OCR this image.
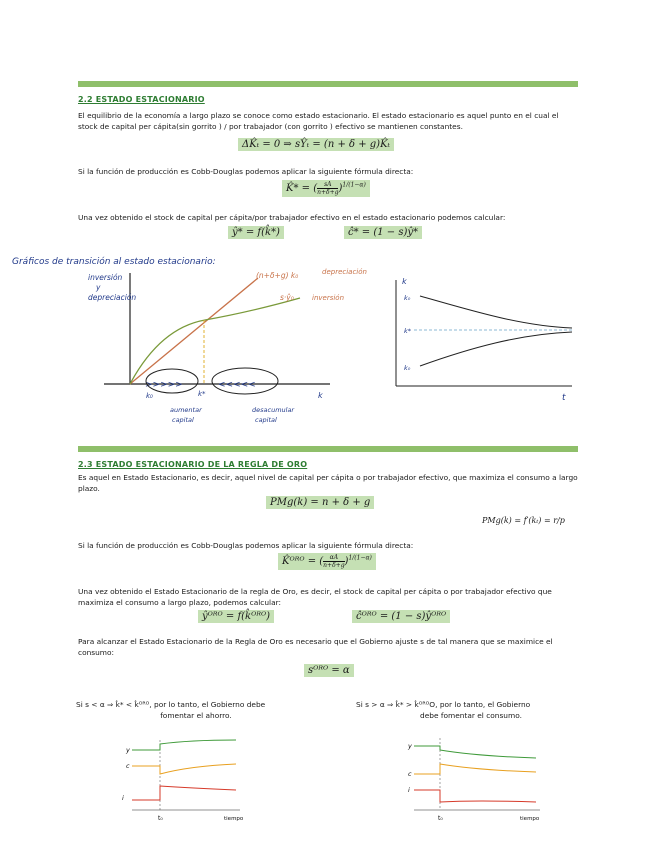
2.2 ESTADO ESTACIONARIO
El equilibrio de la economía a largo plazo se conoce como estado estacionario. El estado estacionario es aquel punto en el cual el stock de capital per cápita(sin gorrito ) / por trabajador (con gorrito ) efectivo se mantienen constantes.
ΔK̂ₜ = 0 ⇒ sŶₜ = (n + δ + g)K̂ₜ
Si la función de producción es Cobb-Douglas podemos aplicar la siguiente fórmula directa:
K̂* = ( $\frac{sA}{n+\delta+g} )^{1/(1-\alpha)}$
Una vez obtenido el stock de capital per cápita/por trabajador efectivo en el estado estacionario podemos calcular:
ŷ* = f(k̂*)	ĉ* = (1 − s)ŷ*
Gráficos de transición al estado estacionario:
inversión
y
depreciación
(n+δ+g) k₀	depreciación
s·ŷ₀	inversión
>>>>>	<<<<<
k₀	k*	k
aumentar
capital
desacumular
capital
k
k₀
k*
k₀
t
2.3 ESTADO ESTACIONARIO DE LA REGLA DE ORO
Es aquel en Estado Estacionario, es decir, aquel nivel de capital per cápita o por trabajador efectivo, que maximiza el consumo a largo plazo.
PMg(k) = n + δ + g
PMg(k) = f′(kₜ) = r/p
Si la función de producción es Cobb-Douglas podemos aplicar la siguiente fórmula directa:
K̂ᴼᴿᴼ = ( $\frac{\alpha A}{n+\delta+g} )^{1/(1-\alpha)}$
Una vez obtenido el Estado Estacionario de la regla de Oro, es decir, el stock de capital per cápita o por trabajador efectivo que maximiza el consumo a largo plazo, podemos calcular:
ŷᴼᴿᴼ = f(k̂ᴼᴿᴼ)	ĉᴼᴿᴼ = (1 − s)ŷᴼᴿᴼ
Para alcanzar el Estado Estacionario de la Regla de Oro es necesario que el Gobierno ajuste s de tal manera que se maximice el consumo:
sᴼᴿᴼ = α
Si s < α ⇒ k̂* < k̂ᴼᴿᴼ, por lo tanto, el Gobierno debe
fomentar el ahorro.
Si s > α ⇒ k̂* > k̂ᴼᴿᴼO, por lo tanto, el Gobierno
debe fomentar el consumo.
y
c
i
t₀	tiempo
y
c
i
t₀	tiempo
